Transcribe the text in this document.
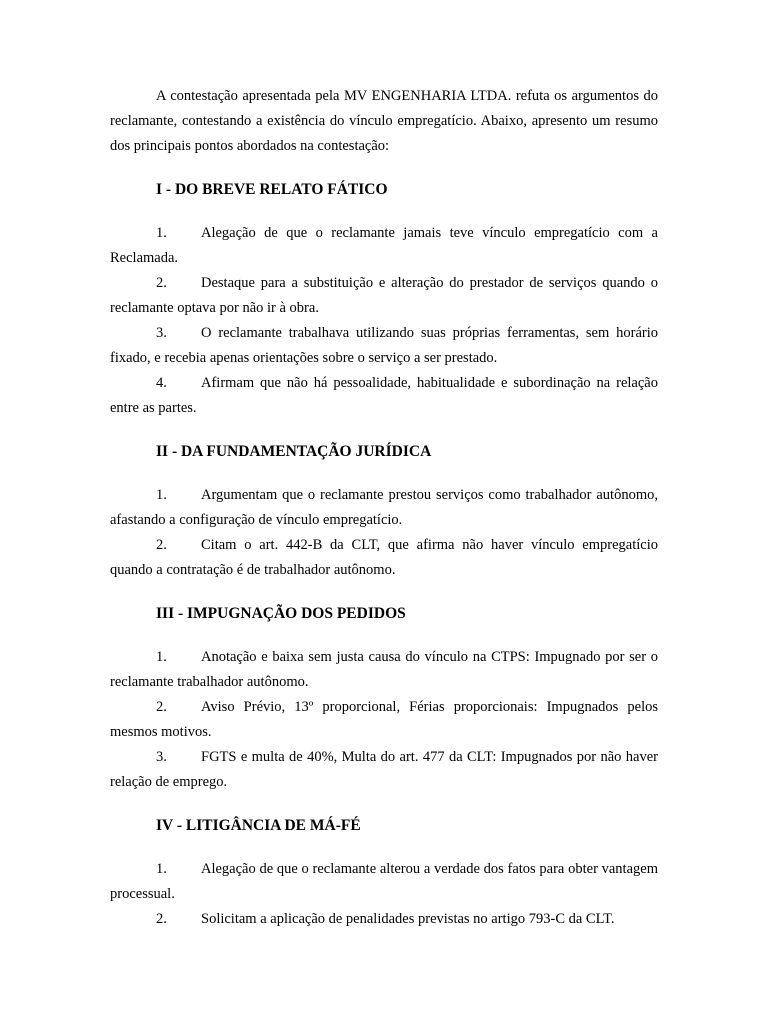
A contestação apresentada pela MV ENGENHARIA LTDA. refuta os argumentos do reclamante, contestando a existência do vínculo empregatício. Abaixo, apresento um resumo dos principais pontos abordados na contestação:

I - DO BREVE RELATO FÁTICO
1. Alegação de que o reclamante jamais teve vínculo empregatício com a Reclamada.
2. Destaque para a substituição e alteração do prestador de serviços quando o reclamante optava por não ir à obra.
3. O reclamante trabalhava utilizando suas próprias ferramentas, sem horário fixado, e recebia apenas orientações sobre o serviço a ser prestado.
4. Afirmam que não há pessoalidade, habitualidade e subordinação na relação entre as partes.
II - DA FUNDAMENTAÇÃO JURÍDICA
1. Argumentam que o reclamante prestou serviços como trabalhador autônomo, afastando a configuração de vínculo empregatício.
2. Citam o art. 442-B da CLT, que afirma não haver vínculo empregatício quando a contratação é de trabalhador autônomo.
III - IMPUGNAÇÃO DOS PEDIDOS
1. Anotação e baixa sem justa causa do vínculo na CTPS: Impugnado por ser o reclamante trabalhador autônomo.
2. Aviso Prévio, 13º proporcional, Férias proporcionais: Impugnados pelos mesmos motivos.
3. FGTS e multa de 40%, Multa do art. 477 da CLT: Impugnados por não haver relação de emprego.
IV - LITIGÂNCIA DE MÁ-FÉ
1. Alegação de que o reclamante alterou a verdade dos fatos para obter vantagem processual.
2. Solicitam a aplicação de penalidades previstas no artigo 793-C da CLT.
